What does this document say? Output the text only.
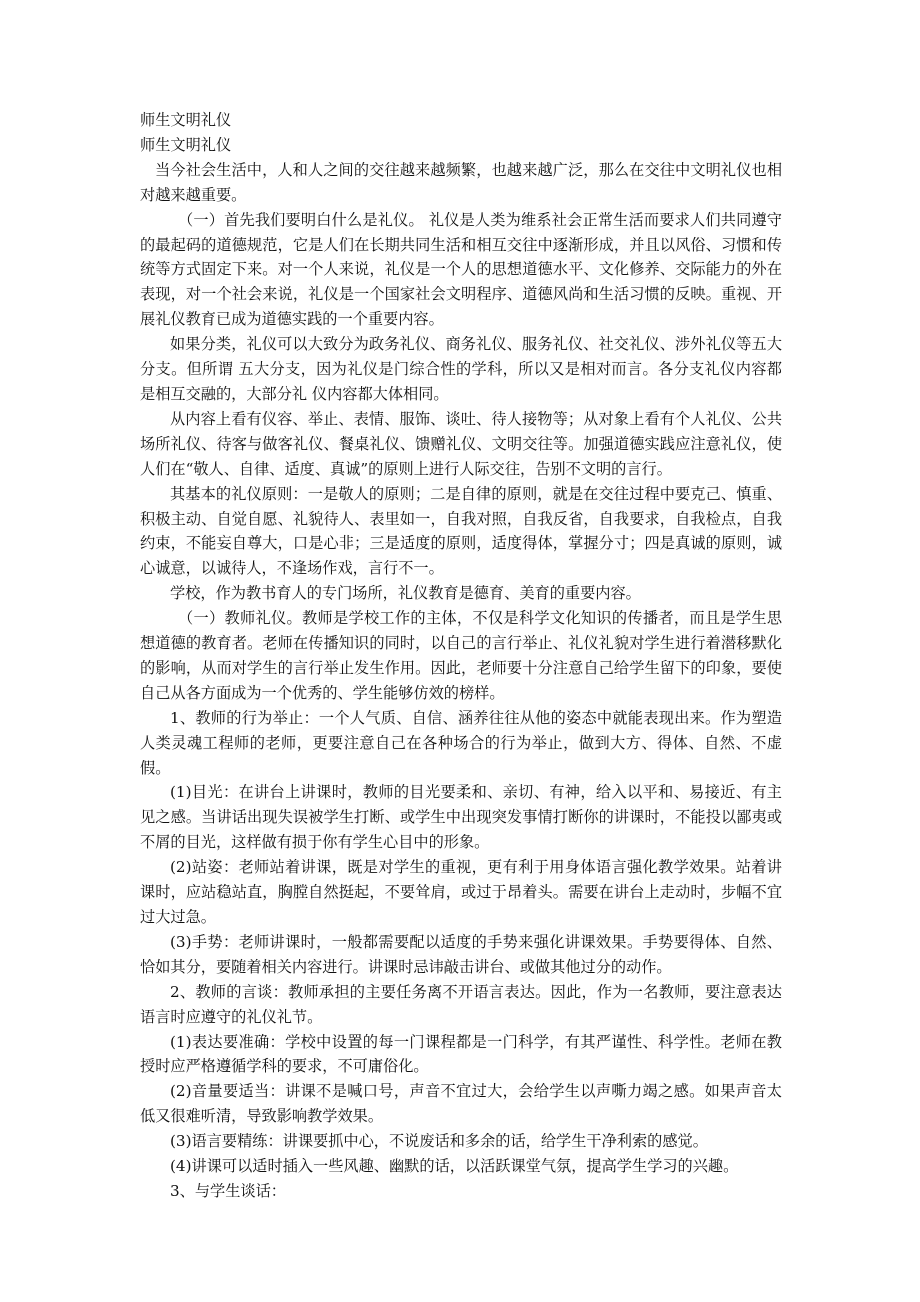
师生文明礼仪

师生文明礼仪

当今社会生活中，人和人之间的交往越来越频繁，也越来越广泛，那么在交往中文明礼仪也相对越来越重要。

（一）首先我们要明白什么是礼仪。 礼仪是人类为维系社会正常生活而要求人们共同遵守的最起码的道德规范，它是人们在长期共同生活和相互交往中逐渐形成，并且以风俗、习惯和传统等方式固定下来。对一个人来说，礼仪是一个人的思想道德水平、文化修养、交际能力的外在表现，对一个社会来说，礼仪是一个国家社会文明程序、道德风尚和生活习惯的反映。重视、开展礼仪教育已成为道德实践的一个重要内容。

如果分类，礼仪可以大致分为政务礼仪、商务礼仪、服务礼仪、社交礼仪、涉外礼仪等五大分支。但所谓 五大分支，因为礼仪是门综合性的学科，所以又是相对而言。各分支礼仪内容都是相互交融的，大部分礼 仪内容都大体相同。

从内容上看有仪容、举止、表情、服饰、谈吐、待人接物等；从对象上看有个人礼仪、公共场所礼仪、待客与做客礼仪、餐桌礼仪、馈赠礼仪、文明交往等。加强道德实践应注意礼仪，使人们在“敬人、自律、适度、真诚”的原则上进行人际交往，告别不文明的言行。

其基本的礼仪原则：一是敬人的原则；二是自律的原则，就是在交往过程中要克己、慎重、积极主动、自觉自愿、礼貌待人、表里如一，自我对照，自我反省，自我要求，自我检点，自我约束，不能妄自尊大，口是心非；三是适度的原则，适度得体，掌握分寸；四是真诚的原则，诚心诚意，以诚待人，不逢场作戏，言行不一。

学校，作为教书育人的专门场所，礼仪教育是德育、美育的重要内容。

（一）教师礼仪。教师是学校工作的主体，不仅是科学文化知识的传播者，而且是学生思想道德的教育者。老师在传播知识的同时，以自己的言行举止、礼仪礼貌对学生进行着潜移默化的影响，从而对学生的言行举止发生作用。因此，老师要十分注意自己给学生留下的印象，要使自己从各方面成为一个优秀的、学生能够仿效的榜样。

1、教师的行为举止：一个人气质、自信、涵养往往从他的姿态中就能表现出来。作为塑造人类灵魂工程师的老师，更要注意自己在各种场合的行为举止，做到大方、得体、自然、不虚假。

(1)目光：在讲台上讲课时，教师的目光要柔和、亲切、有神，给入以平和、易接近、有主见之感。当讲话出现失误被学生打断、或学生中出现突发事情打断你的讲课时，不能投以鄙夷或不屑的目光，这样做有损于你有学生心目中的形象。

(2)站姿：老师站着讲课，既是对学生的重视，更有利于用身体语言强化教学效果。站着讲课时，应站稳站直，胸膛自然挺起，不要耸肩，或过于昂着头。需要在讲台上走动时，步幅不宜过大过急。

(3)手势：老师讲课时，一般都需要配以适度的手势来强化讲课效果。手势要得体、自然、恰如其分，要随着相关内容进行。讲课时忌讳敲击讲台、或做其他过分的动作。

2、教师的言谈：教师承担的主要任务离不开语言表达。因此，作为一名教师，要注意表达语言时应遵守的礼仪礼节。

(1)表达要准确：学校中设置的每一门课程都是一门科学，有其严谨性、科学性。老师在教授时应严格遵循学科的要求，不可庸俗化。

(2)音量要适当：讲课不是喊口号，声音不宜过大，会给学生以声嘶力竭之感。如果声音太低又很难听清，导致影响教学效果。

(3)语言要精练：讲课要抓中心，不说废话和多余的话，给学生干净利索的感觉。

(4)讲课可以适时插入一些风趣、幽默的话，以活跃课堂气氛，提高学生学习的兴趣。

3、与学生谈话：
